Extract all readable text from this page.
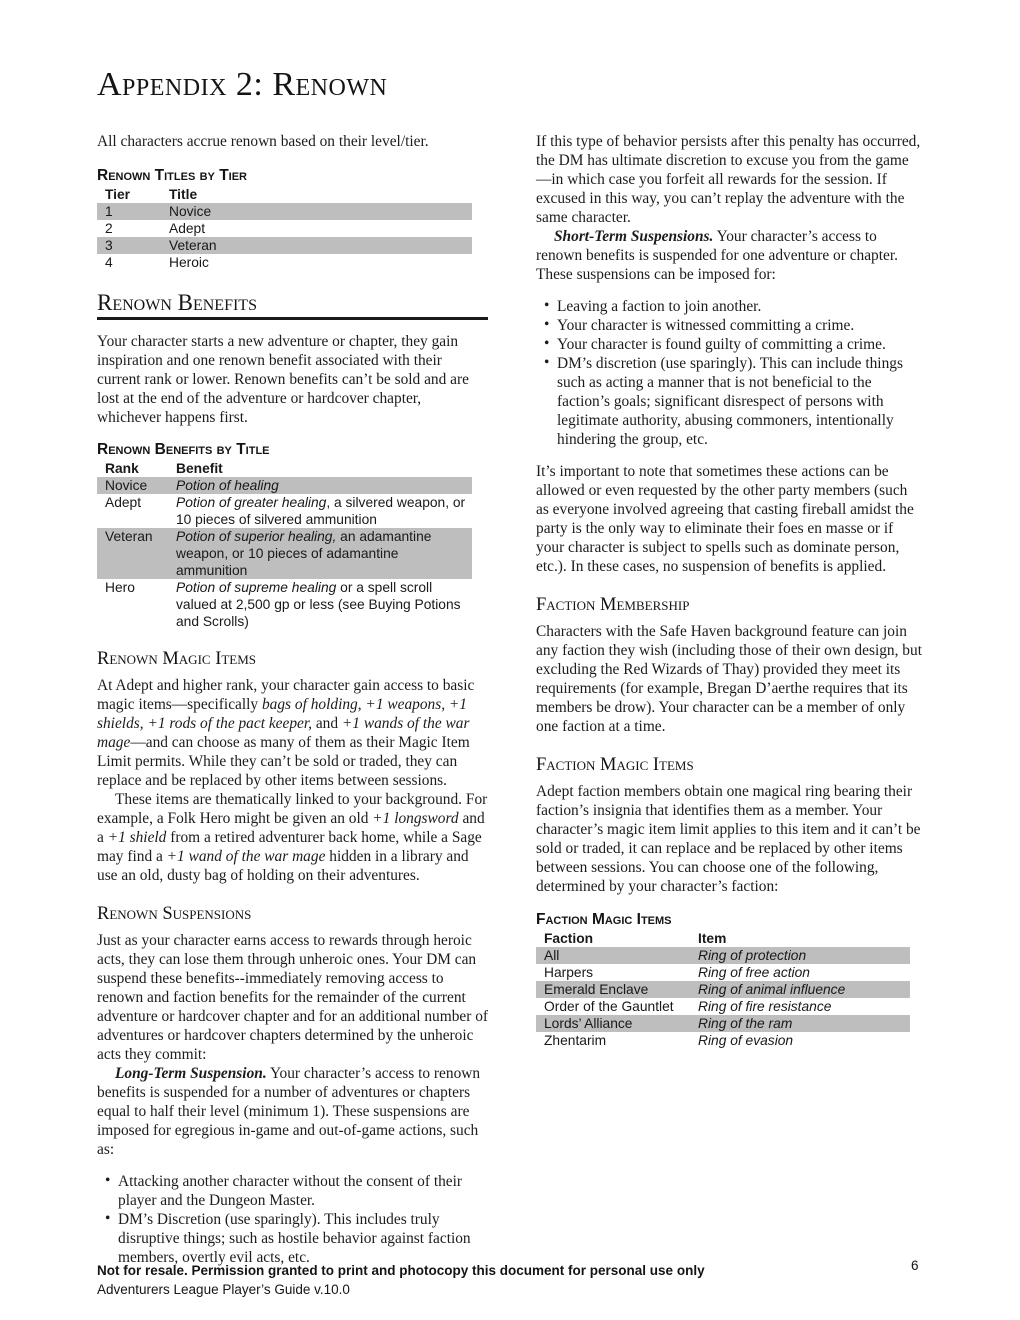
Appendix 2: Renown

All characters accrue renown based on their level/tier.

Renown Titles by Tier
Tier	Title
1	Novice
2	Adept
3	Veteran
4	Heroic
Renown Benefits

Your character starts a new adventure or chapter, they gain inspiration and one renown benefit associated with their current rank or lower. Renown benefits can’t be sold and are lost at the end of the adventure or hardcover chapter, whichever happens first.

Renown Benefits by Title
Rank	Benefit
Novice	Potion of healing
Adept	Potion of greater healing, a silvered weapon, or 10 pieces of silvered ammunition
Veteran	Potion of superior healing, an adamantine weapon, or 10 pieces of adamantine ammunition
Hero	Potion of supreme healing or a spell scroll valued at 2,500 gp or less (see Buying Potions and Scrolls)
Renown Magic Items

At Adept and higher rank, your character gain access to basic magic items—specifically bags of holding, +1 weapons, +1 shields, +1 rods of the pact keeper, and +1 wands of the war mage—and can choose as many of them as their Magic Item Limit permits. While they can’t be sold or traded, they can replace and be replaced by other items between sessions.

These items are thematically linked to your background. For example, a Folk Hero might be given an old +1 longsword and a +1 shield from a retired adventurer back home, while a Sage may find a +1 wand of the war mage hidden in a library and use an old, dusty bag of holding on their adventures.

Renown Suspensions

Just as your character earns access to rewards through heroic acts, they can lose them through unheroic ones. Your DM can suspend these benefits--immediately removing access to renown and faction benefits for the remainder of the current adventure or hardcover chapter and for an additional number of adventures or hardcover chapters determined by the unheroic acts they commit:

Long-Term Suspension. Your character’s access to renown benefits is suspended for a number of adventures or chapters equal to half their level (minimum 1). These suspensions are imposed for egregious in-game and out-of-game actions, such as:

• Attacking another character without the consent of their player and the Dungeon Master.
• DM’s Discretion (use sparingly). This includes truly disruptive things; such as hostile behavior against faction members, overtly evil acts, etc.

If this type of behavior persists after this penalty has occurred, the DM has ultimate discretion to excuse you from the game—in which case you forfeit all rewards for the session. If excused in this way, you can’t replay the adventure with the same character.

Short-Term Suspensions. Your character’s access to renown benefits is suspended for one adventure or chapter. These suspensions can be imposed for:

• Leaving a faction to join another.
• Your character is witnessed committing a crime.
• Your character is found guilty of committing a crime.
• DM’s discretion (use sparingly). This can include things such as acting a manner that is not beneficial to the faction’s goals; significant disrespect of persons with legitimate authority, abusing commoners, intentionally hindering the group, etc.

It’s important to note that sometimes these actions can be allowed or even requested by the other party members (such as everyone involved agreeing that casting fireball amidst the party is the only way to eliminate their foes en masse or if your character is subject to spells such as dominate person, etc.). In these cases, no suspension of benefits is applied.

Faction Membership

Characters with the Safe Haven background feature can join any faction they wish (including those of their own design, but excluding the Red Wizards of Thay) provided they meet its requirements (for example, Bregan D’aerthe requires that its members be drow). Your character can be a member of only one faction at a time.

Faction Magic Items

Adept faction members obtain one magical ring bearing their faction’s insignia that identifies them as a member. Your character’s magic item limit applies to this item and it can’t be sold or traded, it can replace and be replaced by other items between sessions. You can choose one of the following, determined by your character’s faction:

Faction Magic Items
Faction	Item
All	Ring of protection
Harpers	Ring of free action
Emerald Enclave	Ring of animal influence
Order of the Gauntlet	Ring of fire resistance
Lords’ Alliance	Ring of the ram
Zhentarim	Ring of evasion
Not for resale. Permission granted to print and photocopy this document for personal use only
Adventurers League Player’s Guide v.10.0
6
